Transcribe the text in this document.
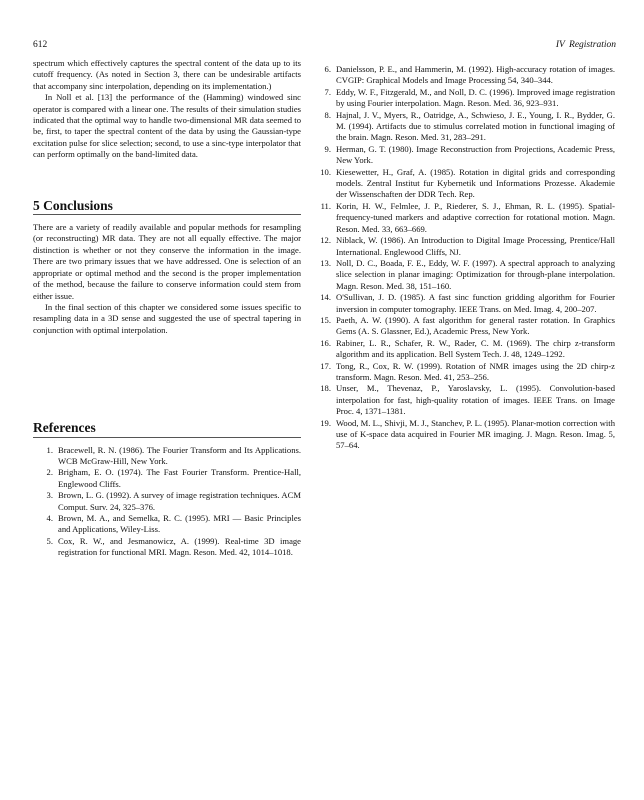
612	IV Registration

spectrum which effectively captures the spectral content of the data up to its cutoff frequency. (As noted in Section 3, there can be undesirable artifacts that accompany sinc interpolation, depending on its implementation.)

In Noll et al. [13] the performance of the (Hamming) windowed sinc operator is compared with a linear one. The results of their simulation studies indicated that the optimal way to handle two-dimensional MR data seemed to be, first, to taper the spectral content of the data by using the Gaussian-type excitation pulse for slice selection; second, to use a sinc-type interpolator that can perform optimally on the band-limited data.

5 Conclusions

There are a variety of readily available and popular methods for resampling (or reconstructing) MR data. They are not all equally effective. The major distinction is whether or not they conserve the information in the image. There are two primary issues that we have addressed. One is selection of an appropriate or optimal method and the second is the proper implementation of the method, because the failure to conserve information could stem from either issue.

In the final section of this chapter we considered some issues specific to resampling data in a 3D sense and suggested the use of spectral tapering in conjunction with optimal interpolation.

References
1. Bracewell, R. N. (1986). The Fourier Transform and Its Applications. WCB McGraw-Hill, New York.
2. Brigham, E. O. (1974). The Fast Fourier Transform. Prentice-Hall, Englewood Cliffs.
3. Brown, L. G. (1992). A survey of image registration techniques. ACM Comput. Surv. 24, 325–376.
4. Brown, M. A., and Semelka, R. C. (1995). MRI — Basic Principles and Applications, Wiley-Liss.
5. Cox, R. W., and Jesmanowicz, A. (1999). Real-time 3D image registration for functional MRI. Magn. Reson. Med. 42, 1014–1018.
6. Danielsson, P. E., and Hammerin, M. (1992). High-accuracy rotation of images. CVGIP: Graphical Models and Image Processing 54, 340–344.
7. Eddy, W. F., Fitzgerald, M., and Noll, D. C. (1996). Improved image registration by using Fourier interpolation. Magn. Reson. Med. 36, 923–931.
8. Hajnal, J. V., Myers, R., Oatridge, A., Schwieso, J. E., Young, I. R., Bydder, G. M. (1994). Artifacts due to stimulus correlated motion in functional imaging of the brain. Magn. Reson. Med. 31, 283–291.
9. Herman, G. T. (1980). Image Reconstruction from Projections, Academic Press, New York.
10. Kiesewetter, H., Graf, A. (1985). Rotation in digital grids and corresponding models. Zentral Institut fur Kybernetik und Informations Prozesse. Akademie der Wissenschaften der DDR Tech. Rep.
11. Korin, H. W., Felmlee, J. P., Riederer, S. J., Ehman, R. L. (1995). Spatial-frequency-tuned markers and adaptive correction for rotational motion. Magn. Reson. Med. 33, 663–669.
12. Niblack, W. (1986). An Introduction to Digital Image Processing, Prentice/Hall International. Englewood Cliffs, NJ.
13. Noll, D. C., Boada, F. E., Eddy, W. F. (1997). A spectral approach to analyzing slice selection in planar imaging: Optimization for through-plane interpolation. Magn. Reson. Med. 38, 151–160.
14. O'Sullivan, J. D. (1985). A fast sinc function gridding algorithm for Fourier inversion in computer tomography. IEEE Trans. on Med. Imag. 4, 200–207.
15. Paeth, A. W. (1990). A fast algorithm for general raster rotation. In Graphics Gems (A. S. Glassner, Ed.), Academic Press, New York.
16. Rabiner, L. R., Schafer, R. W., Rader, C. M. (1969). The chirp z-transform algorithm and its application. Bell System Tech. J. 48, 1249–1292.
17. Tong, R., Cox, R. W. (1999). Rotation of NMR images using the 2D chirp-z transform. Magn. Reson. Med. 41, 253–256.
18. Unser, M., Thevenaz, P., Yaroslavsky, L. (1995). Convolution-based interpolation for fast, high-quality rotation of images. IEEE Trans. on Image Proc. 4, 1371–1381.
19. Wood, M. L., Shivji, M. J., Stanchev, P. L. (1995). Planar-motion correction with use of K-space data acquired in Fourier MR imaging. J. Magn. Reson. Imag. 5, 57–64.
